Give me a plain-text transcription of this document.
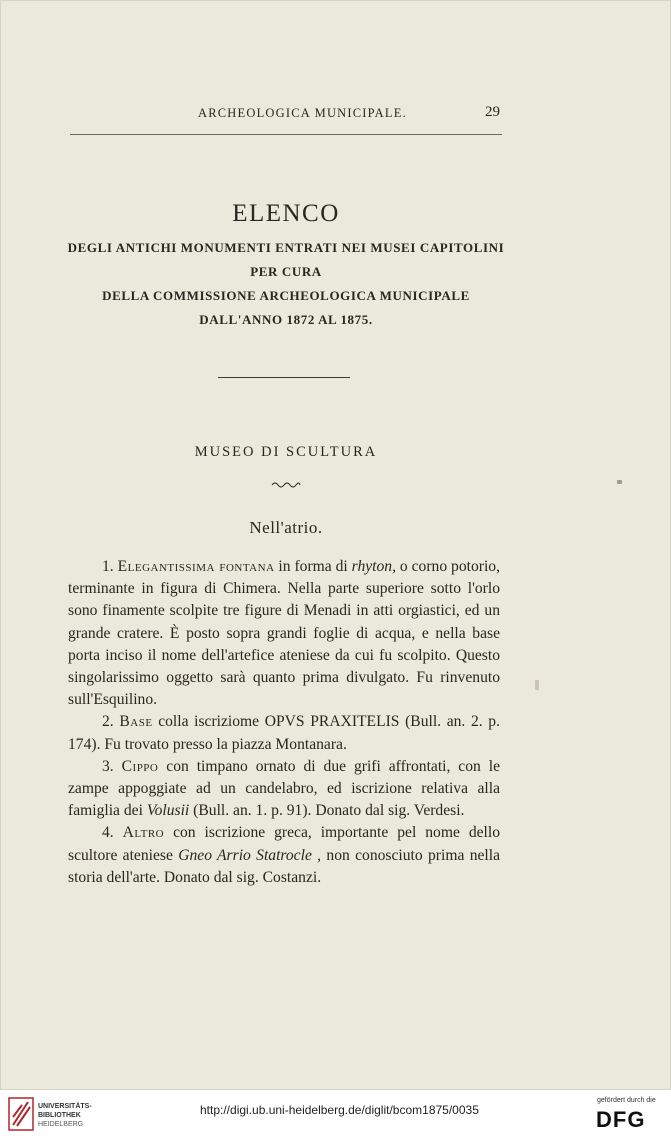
ARCHEOLOGICA MUNICIPALE.	29
ELENCO
DEGLI ANTICHI MONUMENTI ENTRATI NEI MUSEI CAPITOLINI
PER CURA
DELLA COMMISSIONE ARCHEOLOGICA MUNICIPALE
DALL'ANNO 1872 AL 1875.
MUSEO DI SCULTURA
Nell'atrio.

1. Elegantissima fontana in forma di rhyton, o corno potorio, terminante in figura di Chimera. Nella parte superiore sotto l'orlo sono finamente scolpite tre figure di Menadi in atti orgiastici, ed un grande cratere. È posto sopra grandi foglie di acqua, e nella base porta inciso il nome dell'artefice ateniese da cui fu scolpito. Questo singolarissimo oggetto sarà quanto prima divulgato. Fu rinvenuto sull'Esquilino.

2. Base colla iscriziome OPVS PRAXITELIS (Bull. an. 2. p. 174). Fu trovato presso la piazza Montanara.

3. Cippo con timpano ornato di due grifi affrontati, con le zampe appoggiate ad un candelabro, ed iscrizione relativa alla famiglia dei Volusii (Bull. an. 1. p. 91). Donato dal sig. Verdesi.

4. Altro con iscrizione greca, importante pel nome dello scultore ateniese Gneo Arrio Statrocle , non conosciuto prima nella storia dell'arte. Donato dal sig. Costanzi.

UNIVERSITÄTS-
BIBLIOTHEK
HEIDELBERG
http://digi.ub.uni-heidelberg.de/diglit/bcom1875/0035
gefördert durch die
DFG
